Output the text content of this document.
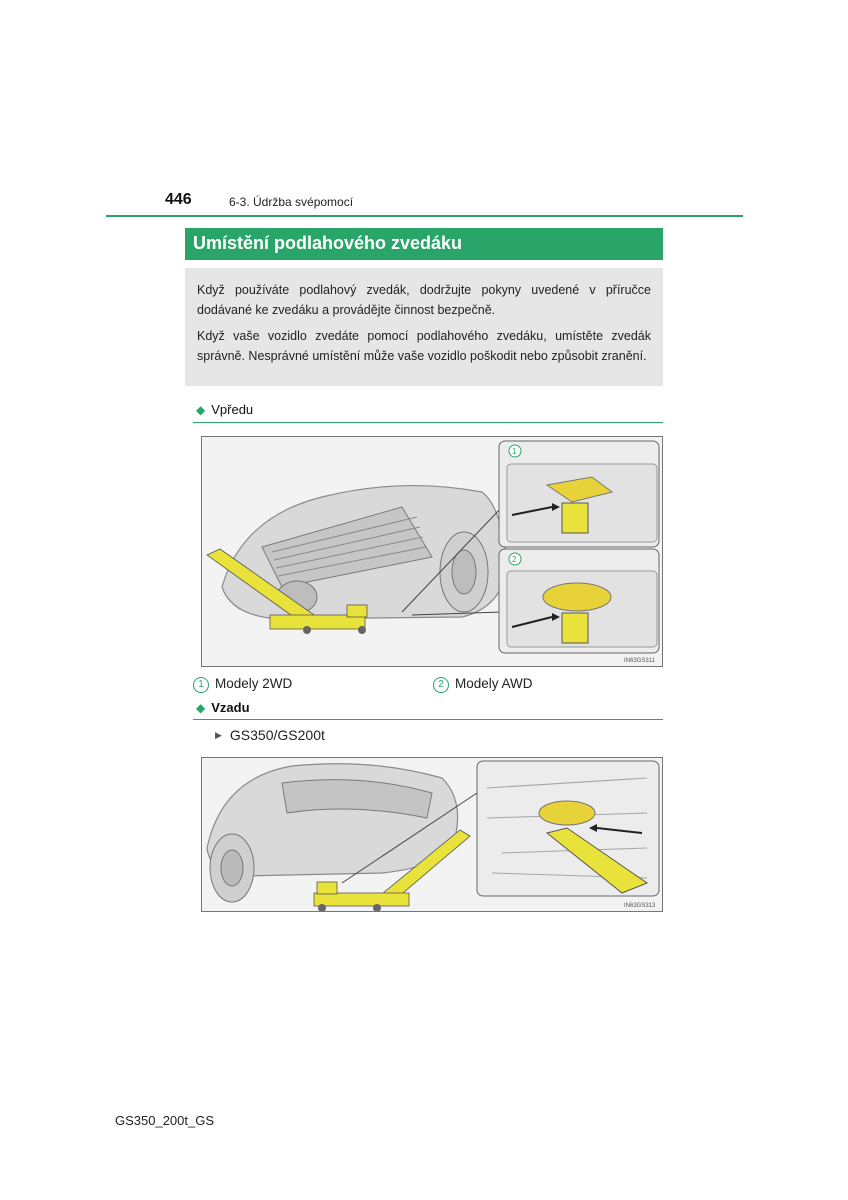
446	6-3. Údržba svépomocí
Umístění podlahového zvedáku

Když používáte podlahový zvedák, dodržujte pokyny uvedené v příručce dodávané ke zvedáku a provádějte činnost bezpečně.

Když vaše vozidlo zvedáte pomocí podlahového zvedáku, umístěte zvedák správně. Nesprávné umístění může vaše vozidlo poškodit nebo způsobit zranění.

◆ Vpředu
1
2
IN63GS311
1 Modely 2WD	2 Modely AWD
◆ Vzadu
▶ GS350/GS200t
IN63GS313
GS350_200t_GS
